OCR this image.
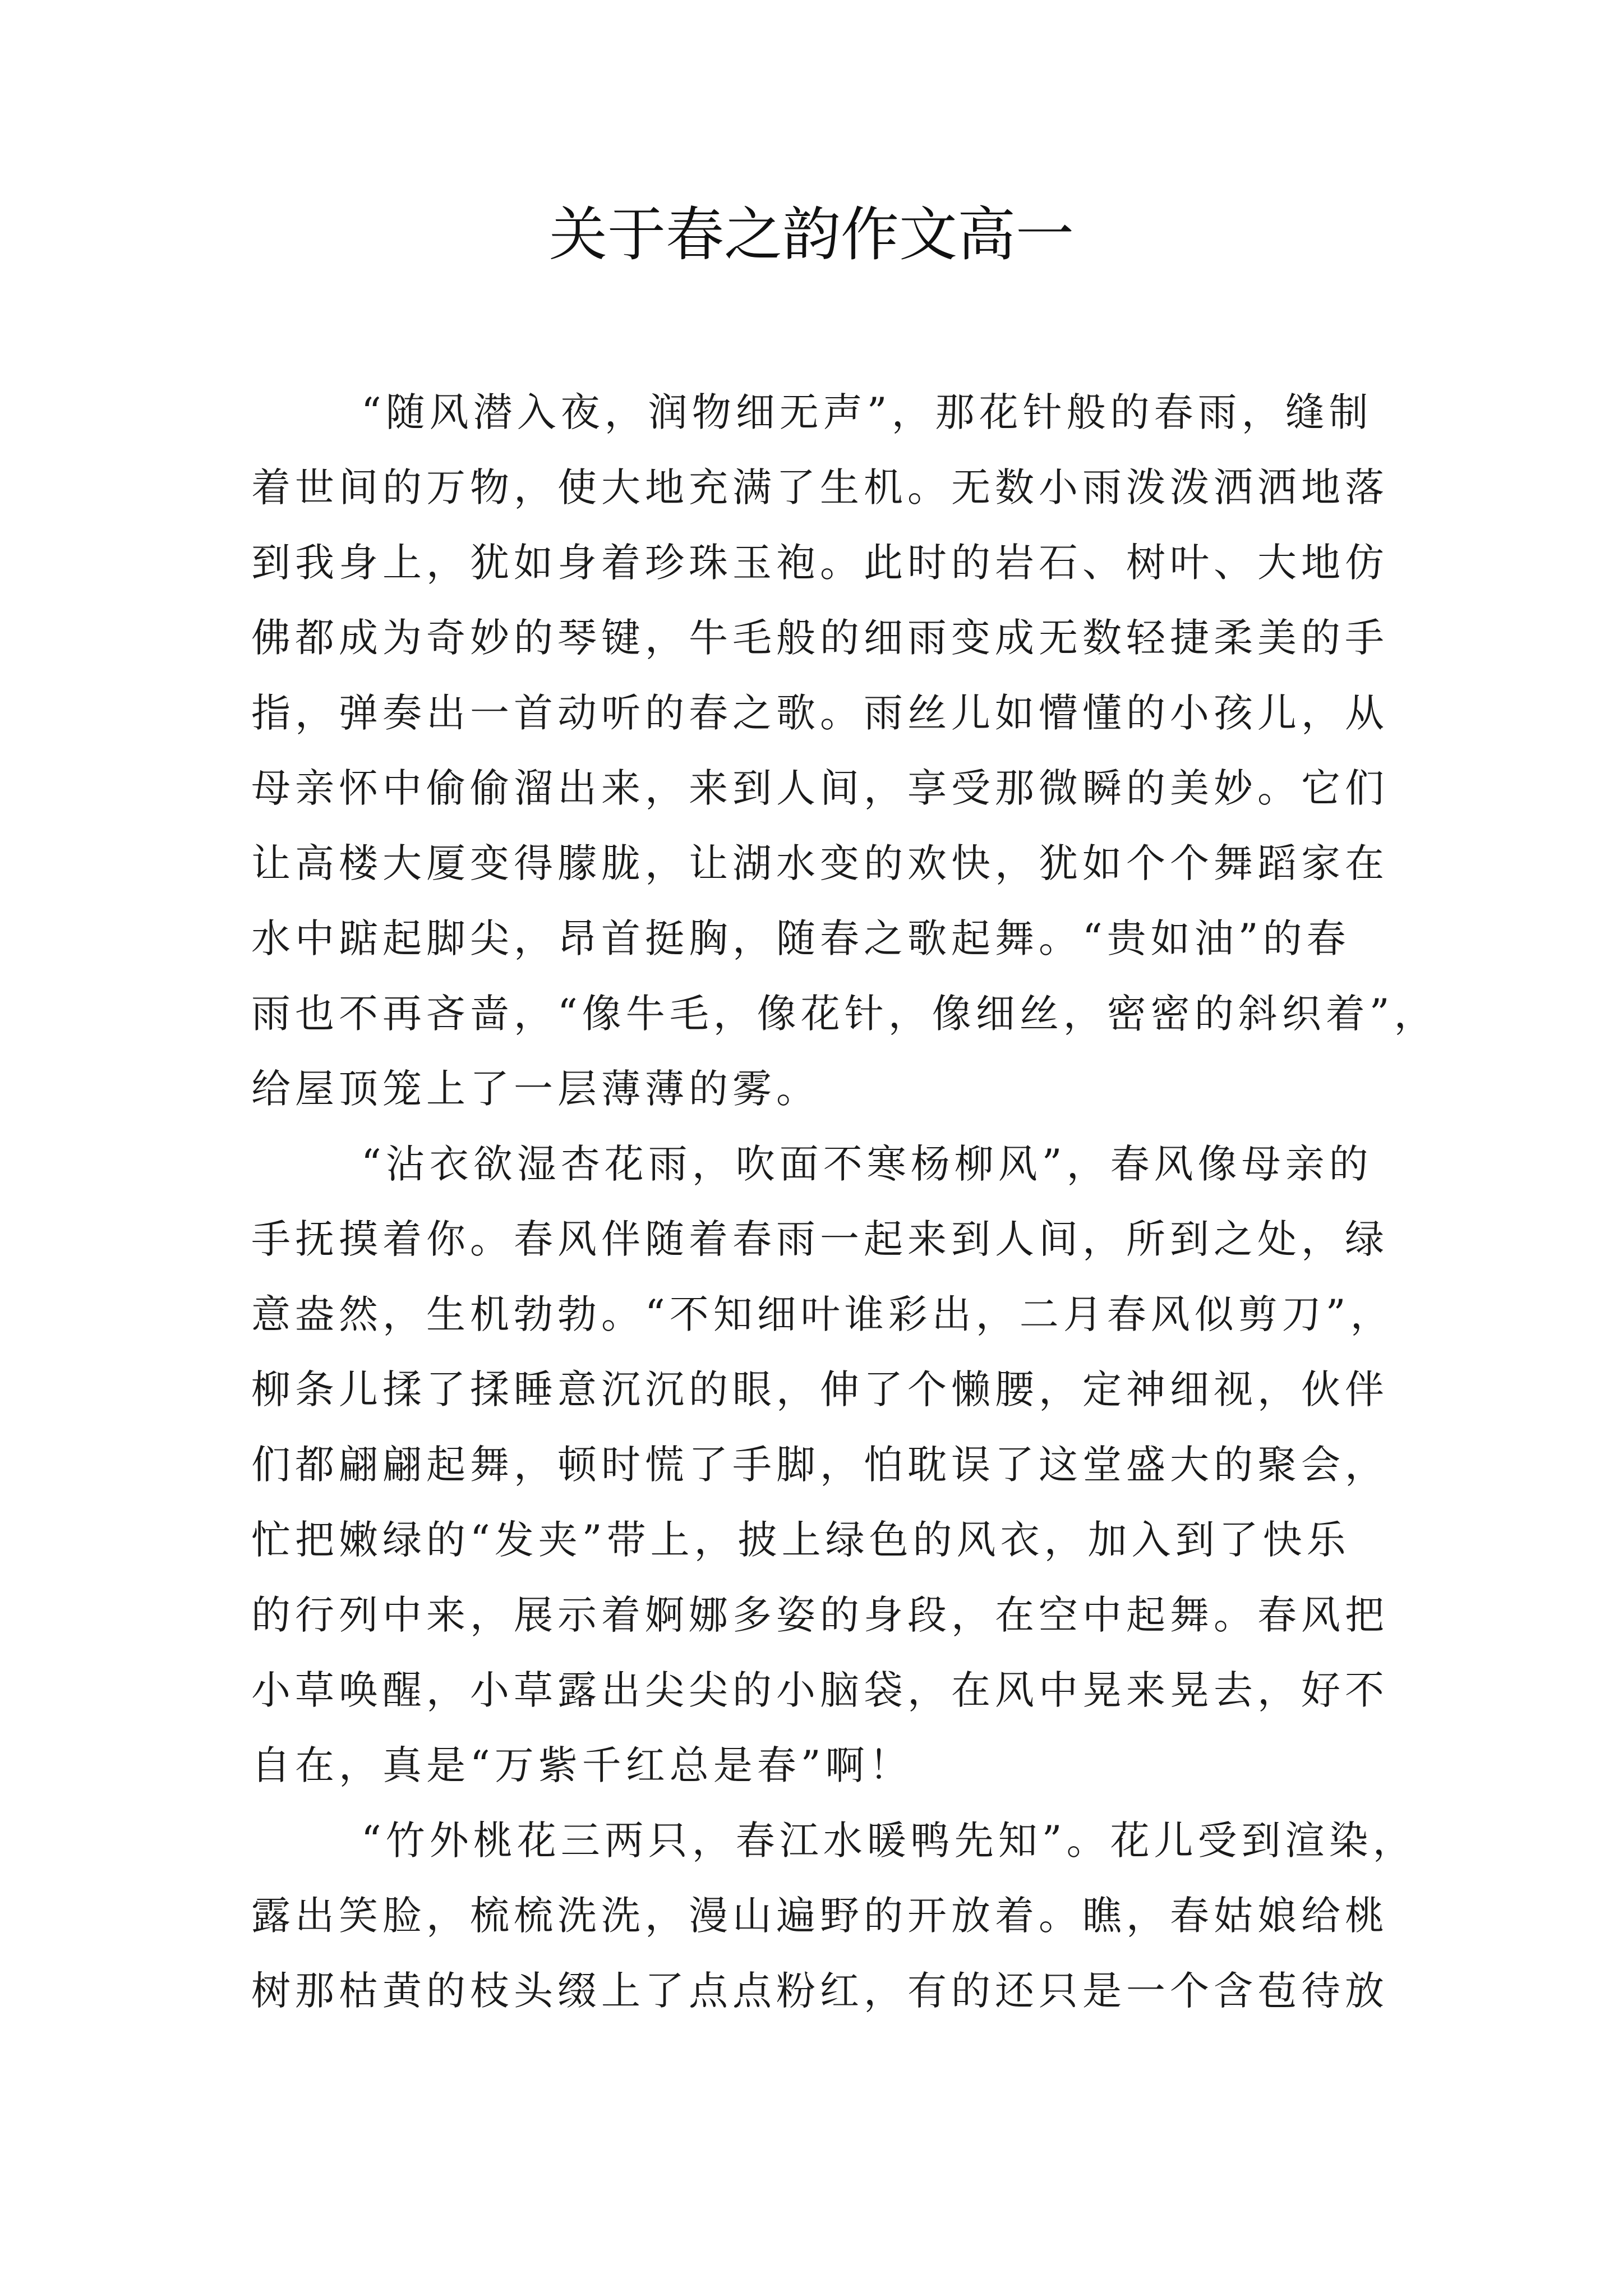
关于春之韵作文高一
“随风潜入夜，润物细无声”，那花针般的春雨，缝制
着世间的万物，使大地充满了生机。无数小雨泼泼洒洒地落
到我身上，犹如身着珍珠玉袍。此时的岩石、树叶、大地仿
佛都成为奇妙的琴键，牛毛般的细雨变成无数轻捷柔美的手
指，弹奏出一首动听的春之歌。雨丝儿如懵懂的小孩儿，从
母亲怀中偷偷溜出来，来到人间，享受那微瞬的美妙。它们
让高楼大厦变得朦胧，让湖水变的欢快，犹如个个舞蹈家在
水中踮起脚尖，昂首挺胸，随春之歌起舞。“贵如油”的春
雨也不再吝啬，“像牛毛，像花针，像细丝，密密的斜织着”，
给屋顶笼上了一层薄薄的雾。
“沾衣欲湿杏花雨，吹面不寒杨柳风”，春风像母亲的
手抚摸着你。春风伴随着春雨一起来到人间，所到之处，绿
意盎然，生机勃勃。“不知细叶谁彩出，二月春风似剪刀”，
柳条儿揉了揉睡意沉沉的眼，伸了个懒腰，定神细视，伙伴
们都翩翩起舞，顿时慌了手脚，怕耽误了这堂盛大的聚会，
忙把嫩绿的“发夹”带上，披上绿色的风衣，加入到了快乐
的行列中来，展示着婀娜多姿的身段，在空中起舞。春风把
小草唤醒，小草露出尖尖的小脑袋，在风中晃来晃去，好不
自在，真是“万紫千红总是春”啊！
“竹外桃花三两只，春江水暖鸭先知”。花儿受到渲染，
露出笑脸，梳梳洗洗，漫山遍野的开放着。瞧，春姑娘给桃
树那枯黄的枝头缀上了点点粉红，有的还只是一个含苞待放
